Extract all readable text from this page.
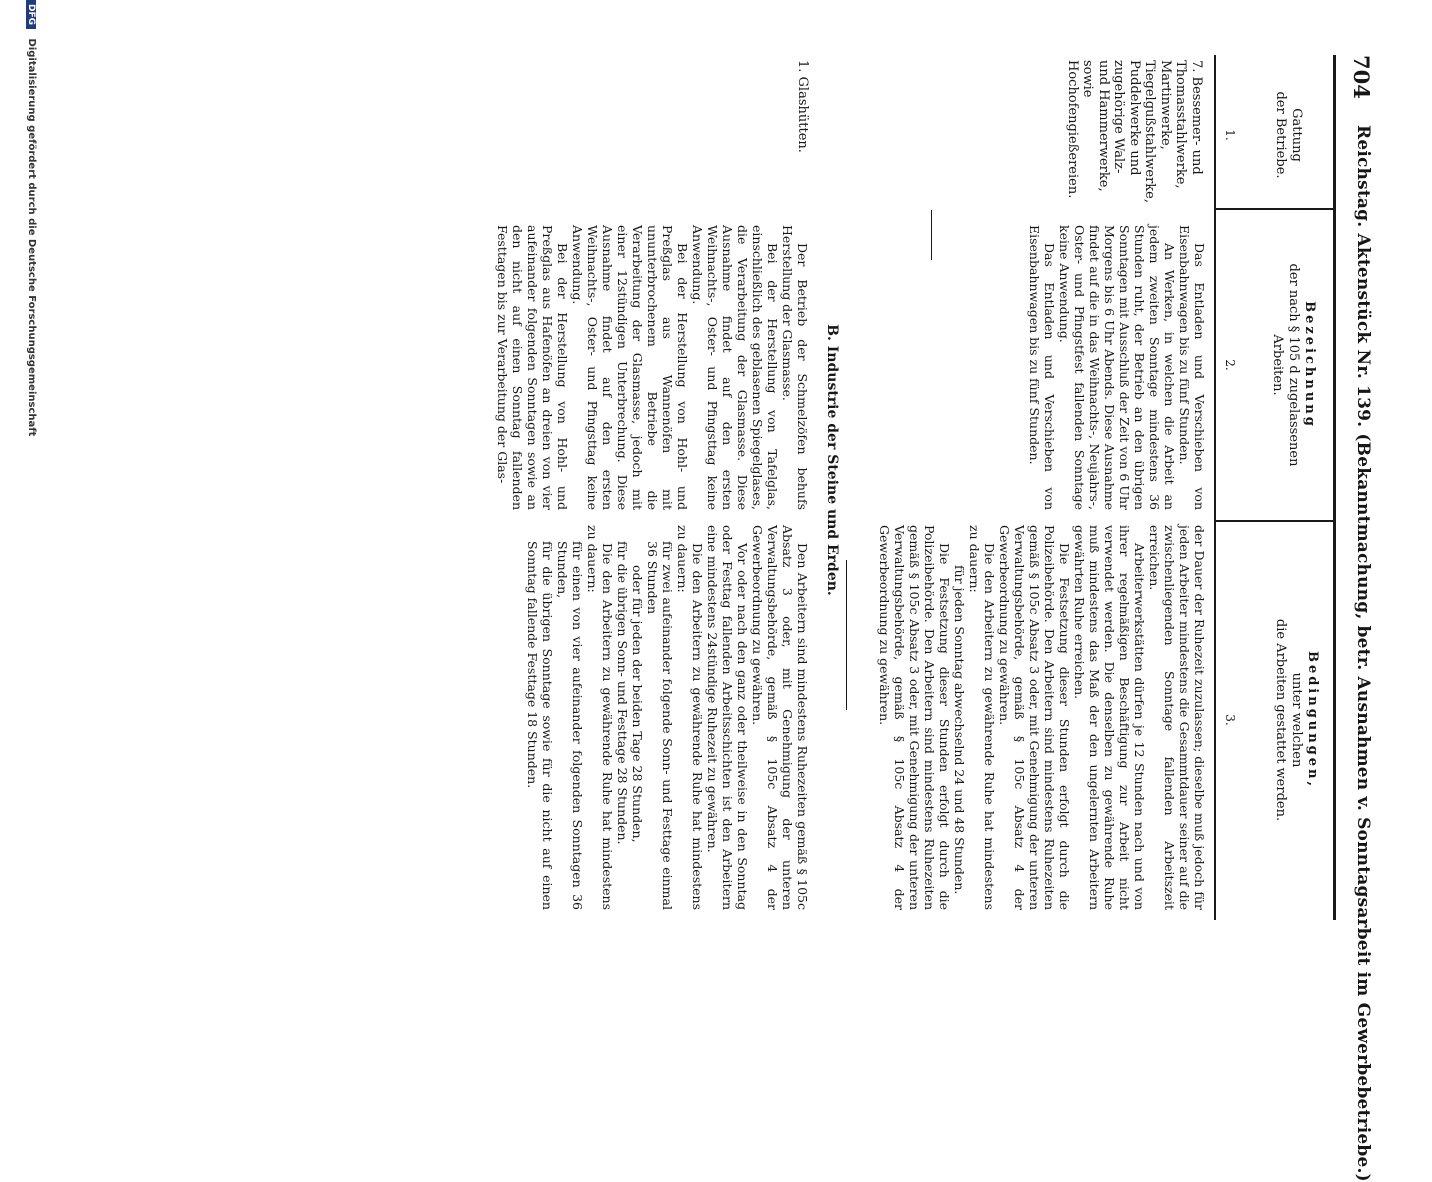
704
Reichstag. Aktenstück Nr. 139. (Bekanntmachung, betr. Ausnahmen v. Sonntagsarbeit im Gewerbebetriebe.)
Gattung
der Betriebe.
1.
Bezeichnung
der nach § 105 d zugelassenen
Arbeiten.
2.
Bedingungen,
unter welchen
die Arbeiten gestattet werden.
3.
7. Bessemer- und Thomasstahlwerke, Martinwerke, Tiegelgußstahlwerke, Puddelwerke und zugehörige Walz- und Hammerwerke, sowie Hochofengießereien.

Das Entladen und Verschieben von Eisenbahnwagen bis zu fünf Stunden.

An Werken, in welchen die Arbeit an jedem zweiten Sonntage mindestens 36 Stunden ruht, der Betrieb an den übrigen Sonntagen mit Ausschluß der Zeit von 6 Uhr Morgens bis 6 Uhr Abends. Diese Ausnahme findet auf die in das Weihnachts-, Neujahrs-, Oster- und Pfingstfest fallenden Sonntage keine Anwendung.

Das Entladen und Verschieben von Eisenbahnwagen bis zu fünf Stunden.

der Dauer der Ruhezeit zuzulassen; dieselbe muß jedoch für jeden Arbeiter mindestens die Gesammtdauer seiner auf die zwischenliegenden Sonntage fallenden Arbeitszeit erreichen.

Arbeiterwerkstätten dürfen je 12 Stunden nach und von ihrer regelmäßigen Beschäftigung zur Arbeit nicht verwendet werden. Die denselben zu gewährende Ruhe muß mindestens das Maß der den ungelernten Arbeitern gewährten Ruhe erreichen.

Die Festsetzung dieser Stunden erfolgt durch die Polizeibehörde. Den Arbeitern sind mindestens Ruhezeiten gemäß § 105c Absatz 3 oder, mit Genehmigung der unteren Verwaltungsbehörde, gemäß § 105c Absatz 4 der Gewerbeordnung zu gewähren.

Die den Arbeitern zu gewährende Ruhe hat mindestens zu dauern:

für jeden Sonntag abwechselnd 24 und 48 Stunden.

Die Festsetzung dieser Stunden erfolgt durch die Polizeibehörde. Den Arbeitern sind mindestens Ruhezeiten gemäß § 105c Absatz 3 oder, mit Genehmigung der unteren Verwaltungsbehörde, gemäß § 105c Absatz 4 der Gewerbeordnung zu gewähren.

B. Industrie der Steine und Erden.
1. Glashütten.

Der Betrieb der Schmelzöfen behufs Herstellung der Glasmasse.

Bei der Herstellung von Tafelglas, einschließlich des geblasenen Spiegelglases, die Verarbeitung der Glasmasse. Diese Ausnahme findet auf den ersten Weihnachts-, Oster- und Pfingsttag keine Anwendung.

Bei der Herstellung von Hohl- und Preßglas aus Wannenöfen mit ununterbrochenem Betriebe die Verarbeitung der Glasmasse, jedoch mit einer 12stündigen Unterbrechung. Diese Ausnahme findet auf den ersten Weihnachts-, Oster- und Pfingsttag keine Anwendung.

Bei der Herstellung von Hohl- und Preßglas aus Hafenöfen an dreien von vier aufeinander folgenden Sonntagen sowie an den nicht auf einen Sonntag fallenden Festtagen bis zur Verarbeitung der Glas-

Den Arbeitern sind mindestens Ruhezeiten gemäß § 105c Absatz 3 oder, mit Genehmigung der unteren Verwaltungsbehörde, gemäß § 105c Absatz 4 der Gewerbeordnung zu gewähren.

Vor oder nach den ganz oder theilweise in den Sonntag oder Festtag fallenden Arbeitsschichten ist den Arbeitern eine mindestens 24stündige Ruhezeit zu gewähren.

Die den Arbeitern zu gewährende Ruhe hat mindestens zu dauern:

für zwei aufeinander folgende Sonn- und Festtage einmal 36 Stunden

oder für jeden der beiden Tage 28 Stunden,

für die übrigen Sonn- und Festtage 28 Stunden.

Die den Arbeitern zu gewährende Ruhe hat mindestens zu dauern:

für einen von vier aufeinander folgenden Sonntagen 36 Stunden,

für die übrigen Sonntage sowie für die nicht auf einen Sonntag fallende Festtage 18 Stunden.

DFG Digitalisierung gefördert durch die Deutsche Forschungsgemeinschaft
